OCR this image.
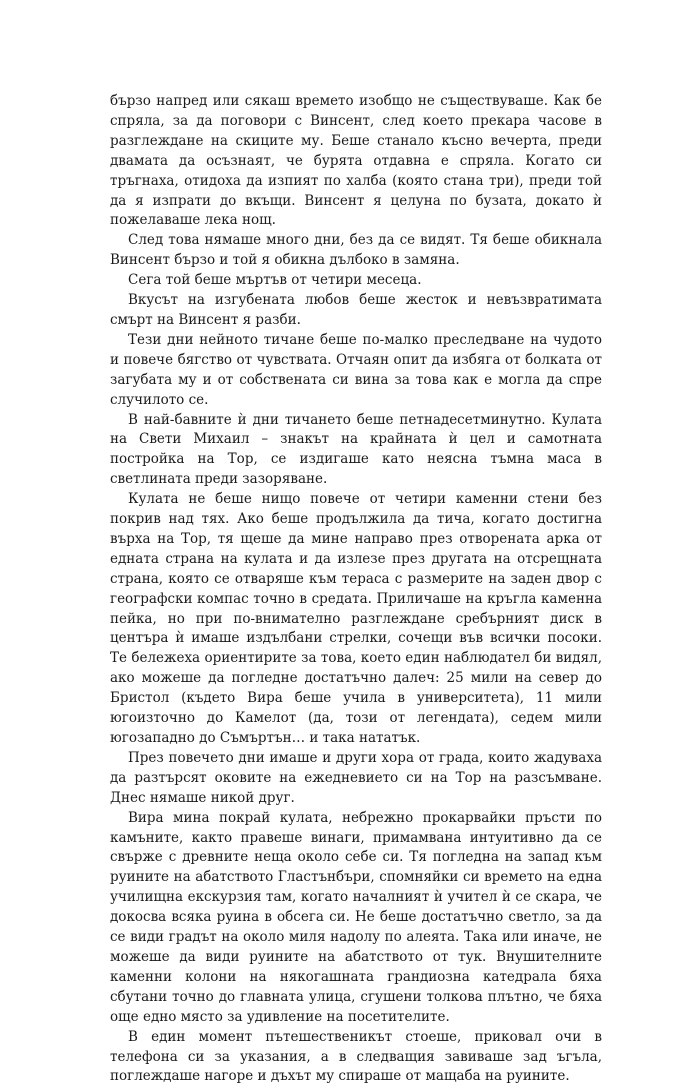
бързо напред или сякаш времето изобщо не съществуваше. Как бе спряла, за да поговори с Винсент, след което прекара часове в разглеждане на скиците му. Беше станало късно вечерта, преди двамата да осъзнаят, че бурята отдавна е спряла. Когато си тръгнаха, отидоха да изпият по халба (която стана три), преди той да я изпрати до вкъщи. Винсент я целуна по бузата, докато ѝ пожелаваше лека нощ.

След това нямаше много дни, без да се видят. Тя беше обикнала Винсент бързо и той я обикна дълбоко в замяна.

Сега той беше мъртъв от четири месеца.

Вкусът на изгубената любов беше жесток и невъзвратимата смърт на Винсент я разби.

Тези дни нейното тичане беше по-малко преследване на чудото и повече бягство от чувствата. Отчаян опит да избяга от болката от загубата му и от собствената си вина за това как е могла да спре случилото се.

В най-бавните ѝ дни тичането беше петнадесетминутно. Кулата на Свети Михаил – знакът на крайната ѝ цел и самотната постройка на Тор, се издигаше като неясна тъмна маса в светлината преди зазоряване.

Кулата не беше нищо повече от четири каменни стени без покрив над тях. Ако беше продължила да тича, когато достигна върха на Тор, тя щеше да мине направо през отворената арка от едната страна на кулата и да излезе през другата на отсрещната страна, която се отваряше към тераса с размерите на заден двор с географски компас точно в средата. Приличаше на кръгла каменна пейка, но при по-внимателно разглеждане сребърният диск в центъра ѝ имаше издълбани стрелки, сочещи във всички посоки. Те бележеха ориентирите за това, което един наблюдател би видял, ако можеше да погледне достатъчно далеч: 25 мили на север до Бристол (където Вира беше учила в университета), 11 мили югоизточно до Камелот (да, този от легендата), седем мили югозападно до Съмъртън… и така нататък.

През повечето дни имаше и други хора от града, които жадуваха да разтърсят оковите на ежедневието си на Тор на разсъмване. Днес нямаше никой друг.

Вира мина покрай кулата, небрежно прокарвайки пръсти по камъните, както правеше винаги, примамвана интуитивно да се свърже с древните неща около себе си. Тя погледна на запад към руините на абатството Гластънбъри, спомняйки си времето на една училищна екскурзия там, когато началният ѝ учител ѝ се скара, че докосва всяка руина в обсега си. Не беше достатъчно светло, за да се види градът на около миля надолу по алеята. Така или иначе, не можеше да види руините на абатството от тук. Внушителните каменни колони на някогашната грандиозна катедрала бяха сбутани точно до главната улица, сгушени толкова плътно, че бяха още едно място за удивление на посетителите.

В един момент пътешественикът стоеше, приковал очи в телефона си за указания, а в следващия завиваше зад ъгъла, поглеждаше нагоре и дъхът му спираше от мащаба на руините.
